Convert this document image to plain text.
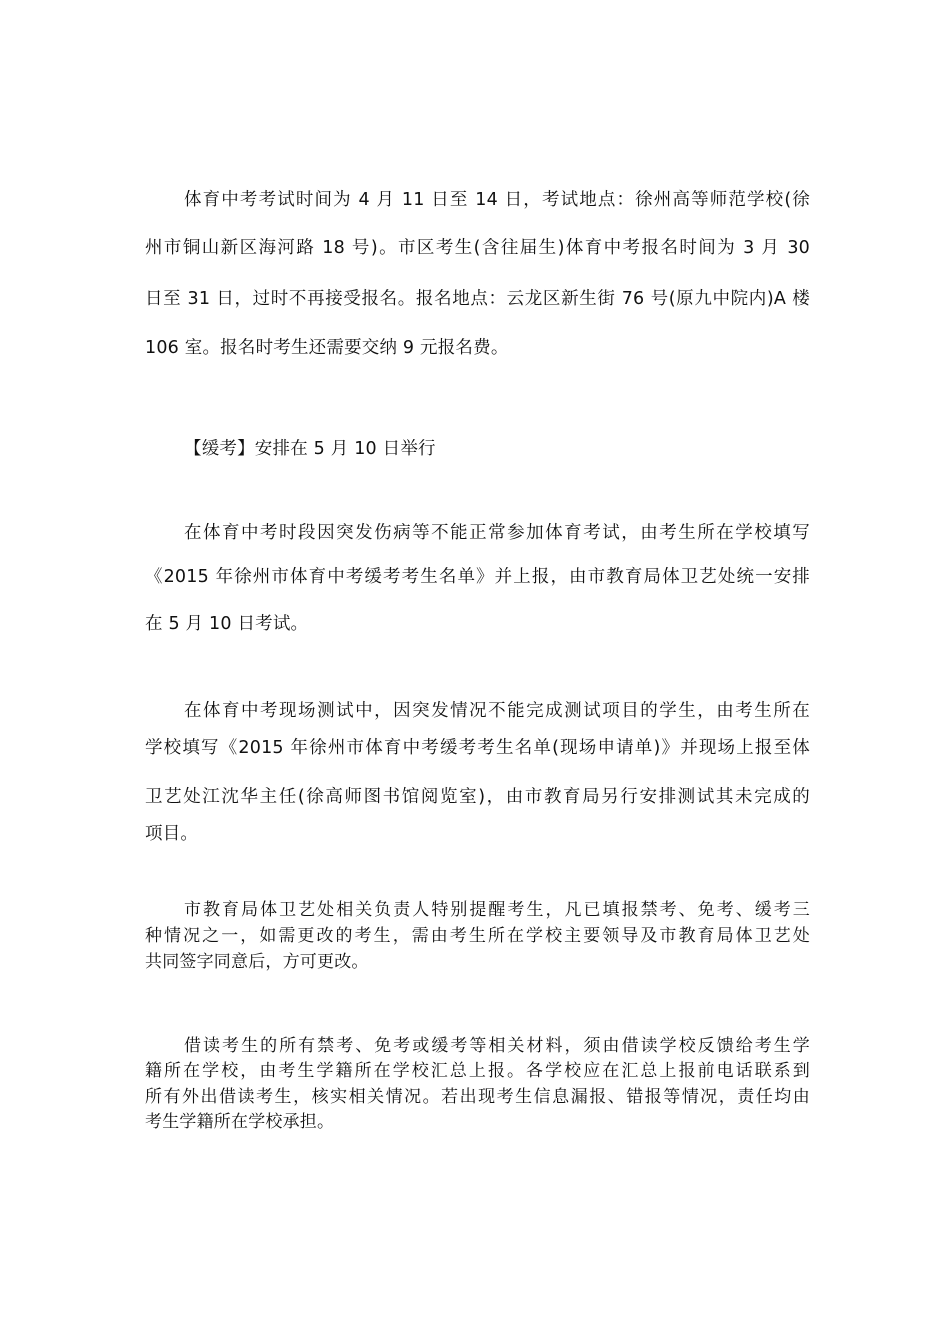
体育中考考试时间为 4 月 11 日至 14 日，考试地点：徐州高等师范学校(徐
州市铜山新区海河路 18 号)。市区考生(含往届生)体育中考报名时间为 3 月 30
日至 31 日，过时不再接受报名。报名地点：云龙区新生街 76 号(原九中院内)A 楼
106 室。报名时考生还需要交纳 9 元报名费。
【缓考】安排在 5 月 10 日举行
在体育中考时段因突发伤病等不能正常参加体育考试，由考生所在学校填写
《2015 年徐州市体育中考缓考考生名单》并上报，由市教育局体卫艺处统一安排
在 5 月 10 日考试。
在体育中考现场测试中，因突发情况不能完成测试项目的学生，由考生所在
学校填写《2015 年徐州市体育中考缓考考生名单(现场申请单)》并现场上报至体
卫艺处江沈华主任(徐高师图书馆阅览室)，由市教育局另行安排测试其未完成的
项目。
市教育局体卫艺处相关负责人特别提醒考生，凡已填报禁考、免考、缓考三
种情况之一，如需更改的考生，需由考生所在学校主要领导及市教育局体卫艺处
共同签字同意后，方可更改。
借读考生的所有禁考、免考或缓考等相关材料，须由借读学校反馈给考生学
籍所在学校，由考生学籍所在学校汇总上报。各学校应在汇总上报前电话联系到
所有外出借读考生，核实相关情况。若出现考生信息漏报、错报等情况，责任均由
考生学籍所在学校承担。
